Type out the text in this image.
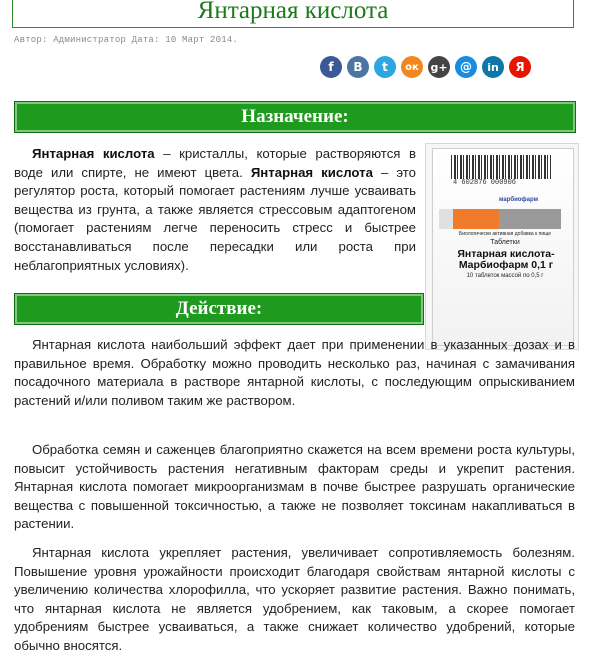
Янтарная кислота
Автор: Администратор Дата: 10 Март 2014.
f	B	t	ок	g+	@	in	Я
Назначение:
Янтарная кислота – кристаллы, которые растворяются в воде или спирте, не имеют цвета. Янтарная кислота – это регулятор роста, который помогает растениям лучше усваивать вещества из грунта, а также является стрессовым адаптогеном (помогает растениям легче переносить стресс и быстрее восстанавливаться после пересадки или роста при неблагоприятных условиях).
4 602876 000906
марбиофарм
Биологически активная добавка к пище
Таблетки
Янтарная кислота-Марбиофарм 0,1 г
10 таблеток массой по 0,5 г
Действие:
Янтарная кислота наибольший эффект дает при применении в указанных дозах и в правильное время. Обработку можно проводить несколько раз, начиная с замачивания посадочного материала в растворе янтарной кислоты, с последующим опрыскиванием растений и/или поливом таким же раствором.
Обработка семян и саженцев благоприятно скажется на всем времени роста культуры, повысит устойчивость растения негативным факторам среды и укрепит растения. Янтарная кислота помогает микроорганизмам в почве быстрее разрушать органические вещества с повышенной токсичностью, а также не позволяет токсинам накапливаться в растении.
Янтарная кислота укрепляет растения, увеличивает сопротивляемость болезням. Повышение уровня урожайности происходит благодаря свойствам янтарной кислоты с увеличению количества хлорофилла, что ускоряет развитие растения. Важно понимать, что янтарная кислота не является удобрением, как таковым, а скорее помогает удобрениям быстрее усваиваться, а также снижает количество удобрений, которые обычно вносятся.
